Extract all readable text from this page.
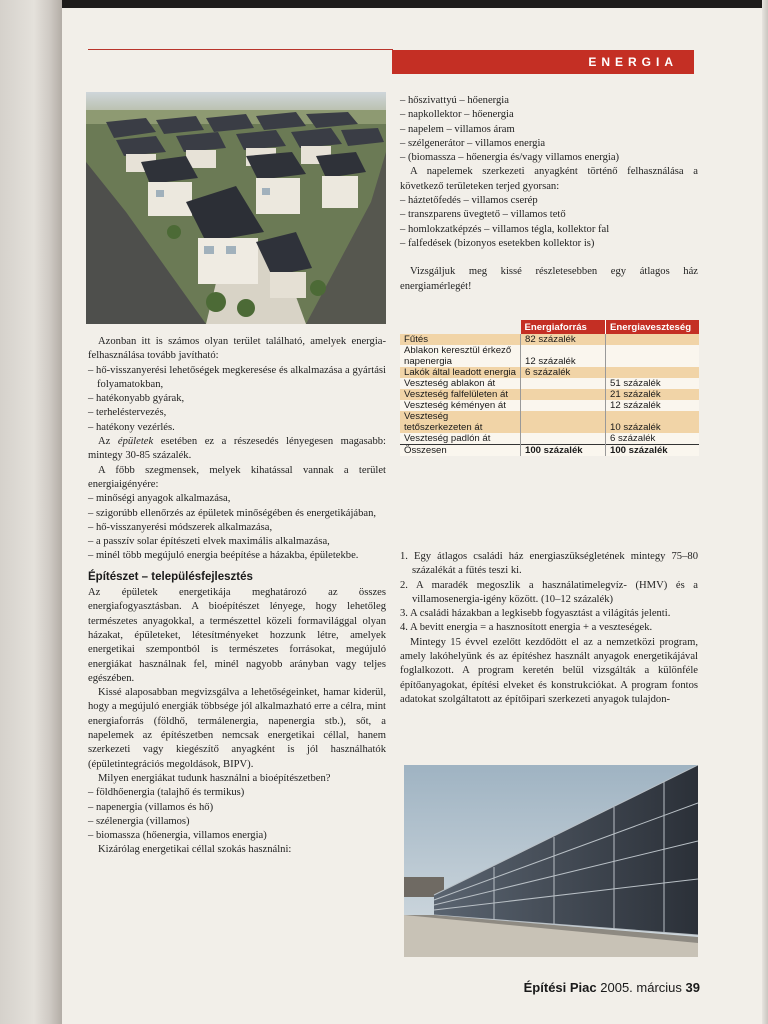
ENERGIA

Azonban itt is számos olyan terület található, amelyek energia-felhasználása tovább javítható:

– hő-visszanyerési lehetőségek megkeresése és alkalmazása a gyártási folyamatokban,
– hatékonyabb gyárak,
– terheléstervezés,
– hatékony vezérlés.

Az épületek esetében ez a részesedés lényegesen magasabb: mintegy 30-85 százalék.

A főbb szegmensek, melyek kihatással vannak a terület energiaigényére:

– minőségi anyagok alkalmazása,
– szigorúbb ellenőrzés az épületek minőségében és energetikájában,
– hő-visszanyerési módszerek alkalmazása,
– a passzív solar építészeti elvek maximális alkalmazása,
– minél több megújuló energia beépítése a házakba, épületekbe.

Építészet – településfejlesztés

Az épületek energetikája meghatározó az összes energiafogyasztásban. A bioépítészet lényege, hogy lehetőleg természetes anyagokkal, a természettel közeli formavilággal olyan házakat, épületeket, létesítményeket hozzunk létre, amelyek energetikai szempontból is természetes forrásokat, megújuló energiákat használnak fel, minél nagyobb arányban vagy teljes egészében.

Kissé alaposabban megvizsgálva a lehetőségeinket, hamar kiderül, hogy a megújuló energiák többsége jól alkalmazható erre a célra, mint energiaforrás (földhő, termálenergia, napenergia stb.), sőt, a napelemek az építészetben nemcsak energetikai céllal, hanem szerkezeti vagy kiegészítő anyagként is jól használhatók (épületintegrációs megoldások, BIPV).

Milyen energiákat tudunk használni a bioépítészetben?

– földhőenergia (talajhő és termikus)
– napenergia (villamos és hő)
– szélenergia (villamos)
– biomassza (hőenergia, villamos energia)

Kizárólag energetikai céllal szokás használni:

– hőszivattyú – hőenergia
– napkollektor – hőenergia
– napelem – villamos áram
– szélgenerátor – villamos energia
– (biomassza – hőenergia és/vagy villamos energia)

A napelemek szerkezeti anyagként történő felhasználása a következő területeken terjed gyorsan:

– háztetőfedés – villamos cserép
– transzparens üvegtető – villamos tető
– homlokzatképzés – villamos tégla, kollektor fal
– falfedések (bizonyos esetekben kollektor is)

Vizsgáljuk meg kissé részletesebben egy átlagos ház energiamérlegét!

	Energiaforrás	Energiaveszteség
Fűtés	82 százalék	
Ablakon keresztül érkező napenergia	12 százalék	
Lakók által leadott energia	6 százalék	
Veszteség ablakon át		51 százalék
Veszteség falfelületen át		21 százalék
Veszteség kéményen át		12 százalék
Veszteség tetőszerkezeten át		10 százalék
Veszteség padlón át		6 százalék
Összesen	100 százalék	100 százalék
1. Egy átlagos családi ház energiaszükségletének mintegy 75–80 százalékát a fűtés teszi ki.
2. A maradék megoszlik a használatimelegvíz- (HMV) és a villamosenergia-igény között. (10–12 százalék)
3. A családi házakban a legkisebb fogyasztást a világítás jelenti.
4. A bevitt energia = a hasznosított energia + a veszteségek.

Mintegy 15 évvel ezelőtt kezdődött el az a nemzetközi program, amely lakóhelyünk és az építéshez használt anyagok energetikájával foglalkozott. A program keretén belül vizsgálták a különféle építőanyagokat, építési elveket és konstrukciókat. A program fontos adatokat szolgáltatott az építőipari szerkezeti anyagok tulajdon-

Építési Piac 2005. március 39
